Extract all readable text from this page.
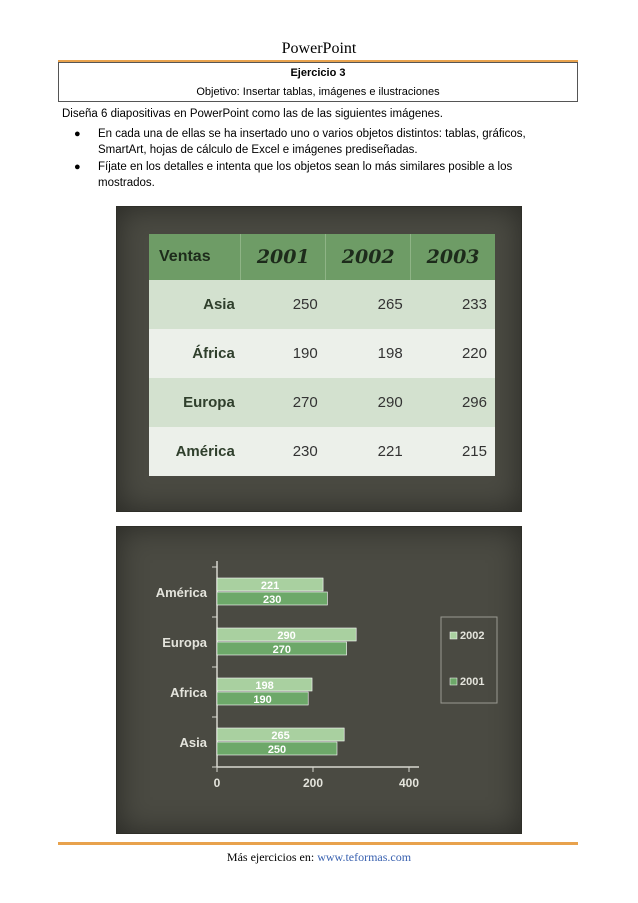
PowerPoint
Ejercicio 3
Objetivo: Insertar tablas, imágenes e ilustraciones
Diseña 6 diapositivas en PowerPoint como las de las siguientes imágenes.
● En cada una de ellas se ha insertado uno o varios objetos distintos: tablas, gráficos, SmartArt, hojas de cálculo de Excel e imágenes prediseñadas.
● Fíjate en los detalles e intenta que los objetos sean lo más similares posible a los mostrados.
Ventas	2001	2002	2003
Asia	250	265	233
África	190	198	220
Europa	270	290	296
América	230	221	215
América	221
230
Europa	290
270
Africa	198
190
Asia	265
250
0	200	400
2002
2001
Más ejercicios en: www.teformas.com
